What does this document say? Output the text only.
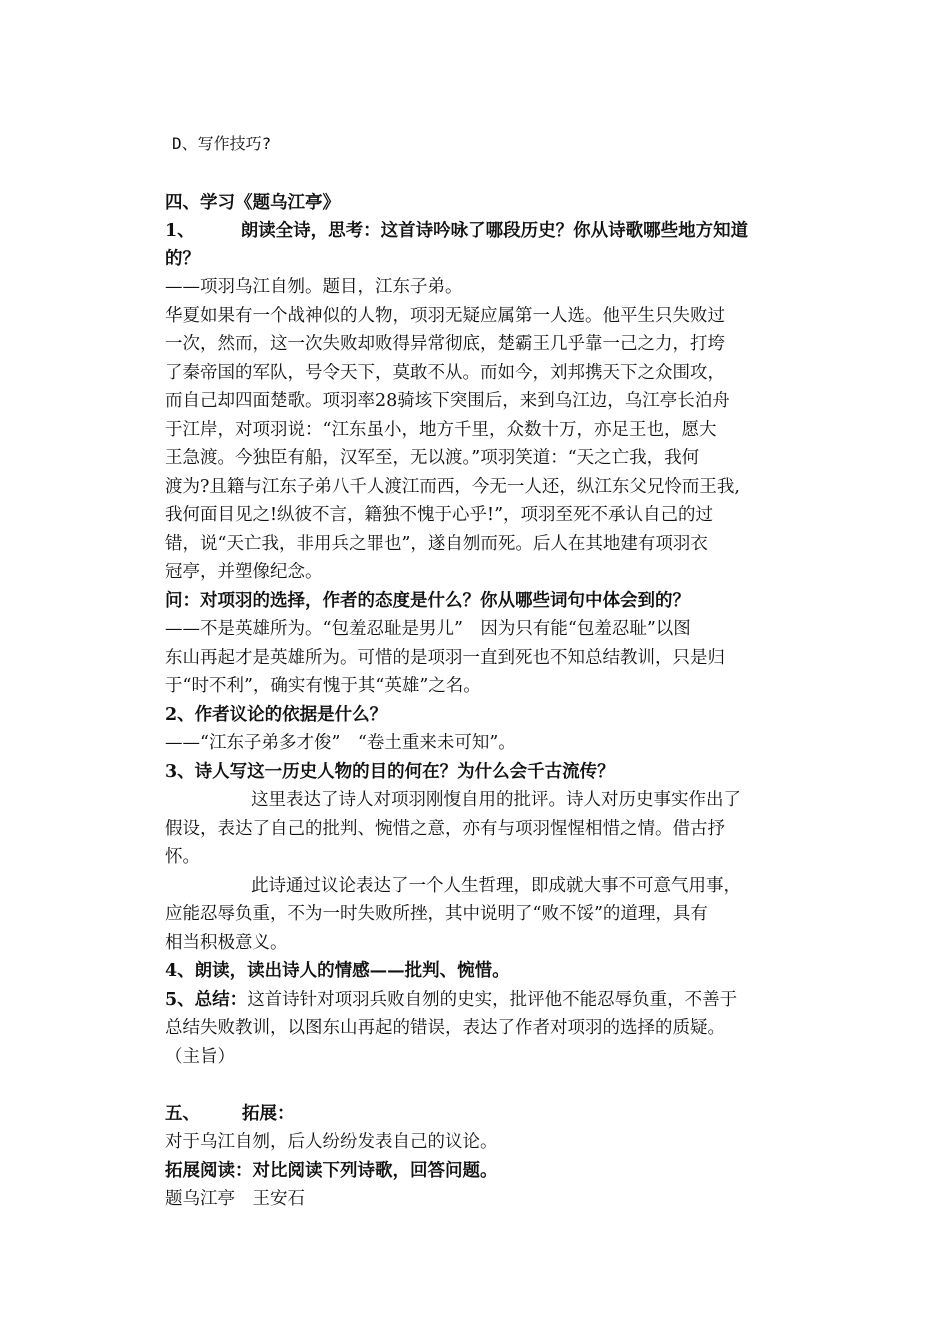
D、写作技巧?
四、学习《题乌江亭》
1、	朗读全诗，思考：这首诗吟咏了哪段历史？你从诗歌哪些地方知道
的？
——项羽乌江自刎。题目，江东子弟。
华夏如果有一个战神似的人物，项羽无疑应属第一人选。他平生只失败过
一次，然而，这一次失败却败得异常彻底，楚霸王几乎靠一己之力，打垮
了秦帝国的军队，号令天下，莫敢不从。而如今，刘邦携天下之众围攻，
而自己却四面楚歌。项羽率28骑垓下突围后，来到乌江边，乌江亭长泊舟
于江岸，对项羽说：“江东虽小，地方千里，众数十万，亦足王也，愿大
王急渡。今独臣有船，汉军至，无以渡。”项羽笑道：“天之亡我，我何
渡为?且籍与江东子弟八千人渡江而西，今无一人还，纵江东父兄怜而王我,
我何面目见之!纵彼不言，籍独不愧于心乎!”，项羽至死不承认自己的过
错，说“天亡我，非用兵之罪也”，遂自刎而死。后人在其地建有项羽衣
冠亭，并塑像纪念。
问：对项羽的选择，作者的态度是什么？你从哪些词句中体会到的？
——不是英雄所为。“包羞忍耻是男儿”　因为只有能“包羞忍耻”以图
东山再起才是英雄所为。可惜的是项羽一直到死也不知总结教训，只是归
于“时不利”，确实有愧于其“英雄”之名。
2、作者议论的依据是什么？
——“江东子弟多才俊”　“卷土重来未可知”。
3、诗人写这一历史人物的目的何在？为什么会千古流传？
这里表达了诗人对项羽刚愎自用的批评。诗人对历史事实作出了
假设，表达了自己的批判、惋惜之意，亦有与项羽惺惺相惜之情。借古抒
怀。
此诗通过议论表达了一个人生哲理，即成就大事不可意气用事，
应能忍辱负重，不为一时失败所挫，其中说明了“败不馁”的道理，具有
相当积极意义。
4、朗读，读出诗人的情感——批判、惋惜。
5、总结：这首诗针对项羽兵败自刎的史实，批评他不能忍辱负重，不善于
总结失败教训，以图东山再起的错误，表达了作者对项羽的选择的质疑。
（主旨）
五、 拓展：
对于乌江自刎，后人纷纷发表自己的议论。
拓展阅读：对比阅读下列诗歌，回答问题。
题乌江亭　王安石
